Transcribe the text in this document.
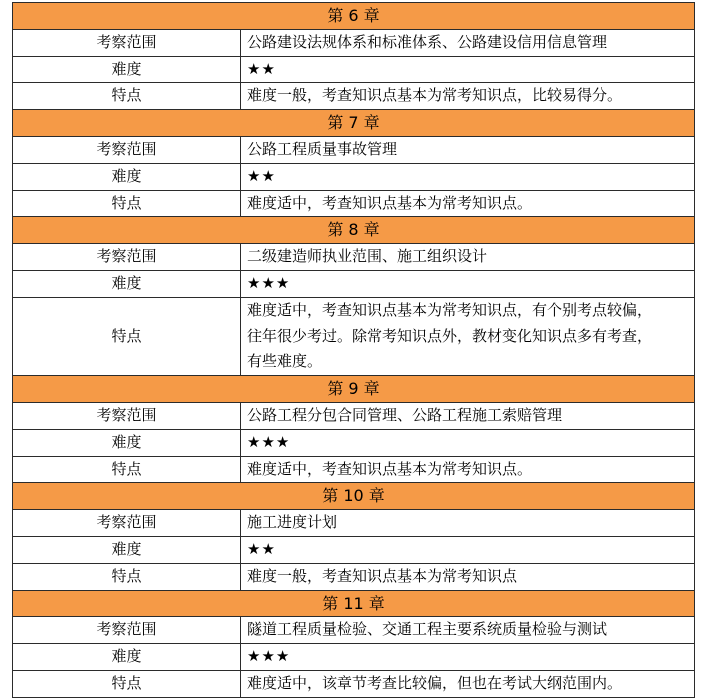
第 6 章	
考察范围	公路建设法规体系和标准体系、公路建设信用信息管理
难度	★★
特点	难度一般，考查知识点基本为常考知识点，比较易得分。
第 7 章	
考察范围	公路工程质量事故管理
难度	★★
特点	难度适中，考查知识点基本为常考知识点。
第 8 章	
考察范围	二级建造师执业范围、施工组织设计
难度	★★★
特点	难度适中，考查知识点基本为常考知识点，有个别考点较偏，
往年很少考过。除常考知识点外，教材变化知识点多有考查，
有些难度。

第 9 章	
考察范围	公路工程分包合同管理、公路工程施工索赔管理
难度	★★★
特点	难度适中，考查知识点基本为常考知识点。
第 10 章	
考察范围	施工进度计划
难度	★★
特点	难度一般，考查知识点基本为常考知识点
第 11 章	
考察范围	隧道工程质量检验、交通工程主要系统质量检验与测试
难度	★★★
特点	难度适中，该章节考查比较偏，但也在考试大纲范围内。
